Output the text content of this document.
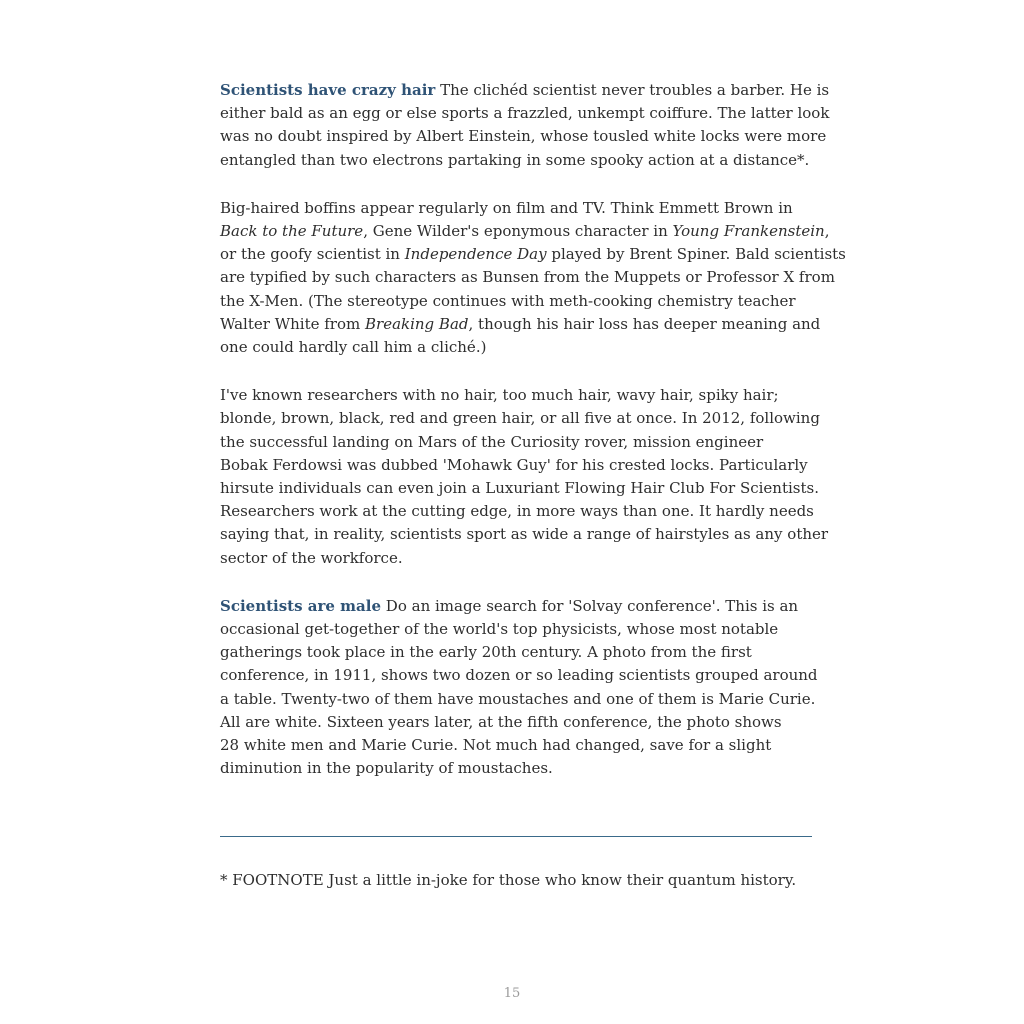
Scientists have crazy hair The clichéd scientist never troubles a barber. He is
either bald as an egg or else sports a frazzled, unkempt coiffure. The latter look
was no doubt inspired by Albert Einstein, whose tousled white locks were more
entangled than two electrons partaking in some spooky action at a distance*.

Big-haired boffins appear regularly on film and TV. Think Emmett Brown in
Back to the Future, Gene Wilder's eponymous character in Young Frankenstein,
or the goofy scientist in Independence Day played by Brent Spiner. Bald scientists
are typified by such characters as Bunsen from the Muppets or Professor X from
the X-Men. (The stereotype continues with meth-cooking chemistry teacher
Walter White from Breaking Bad, though his hair loss has deeper meaning and
one could hardly call him a cliché.)

I've known researchers with no hair, too much hair, wavy hair, spiky hair;
blonde, brown, black, red and green hair, or all five at once. In 2012, following
the successful landing on Mars of the Curiosity rover, mission engineer
Bobak Ferdowsi was dubbed 'Mohawk Guy' for his crested locks. Particularly
hirsute individuals can even join a Luxuriant Flowing Hair Club For Scientists.
Researchers work at the cutting edge, in more ways than one. It hardly needs
saying that, in reality, scientists sport as wide a range of hairstyles as any other
sector of the workforce.

Scientists are male Do an image search for 'Solvay conference'. This is an
occasional get-together of the world's top physicists, whose most notable
gatherings took place in the early 20th century. A photo from the first
conference, in 1911, shows two dozen or so leading scientists grouped around
a table. Twenty-two of them have moustaches and one of them is Marie Curie.
All are white. Sixteen years later, at the fifth conference, the photo shows
28 white men and Marie Curie. Not much had changed, save for a slight
diminution in the popularity of moustaches.

* FOOTNOTE Just a little in-joke for those who know their quantum history.
15
